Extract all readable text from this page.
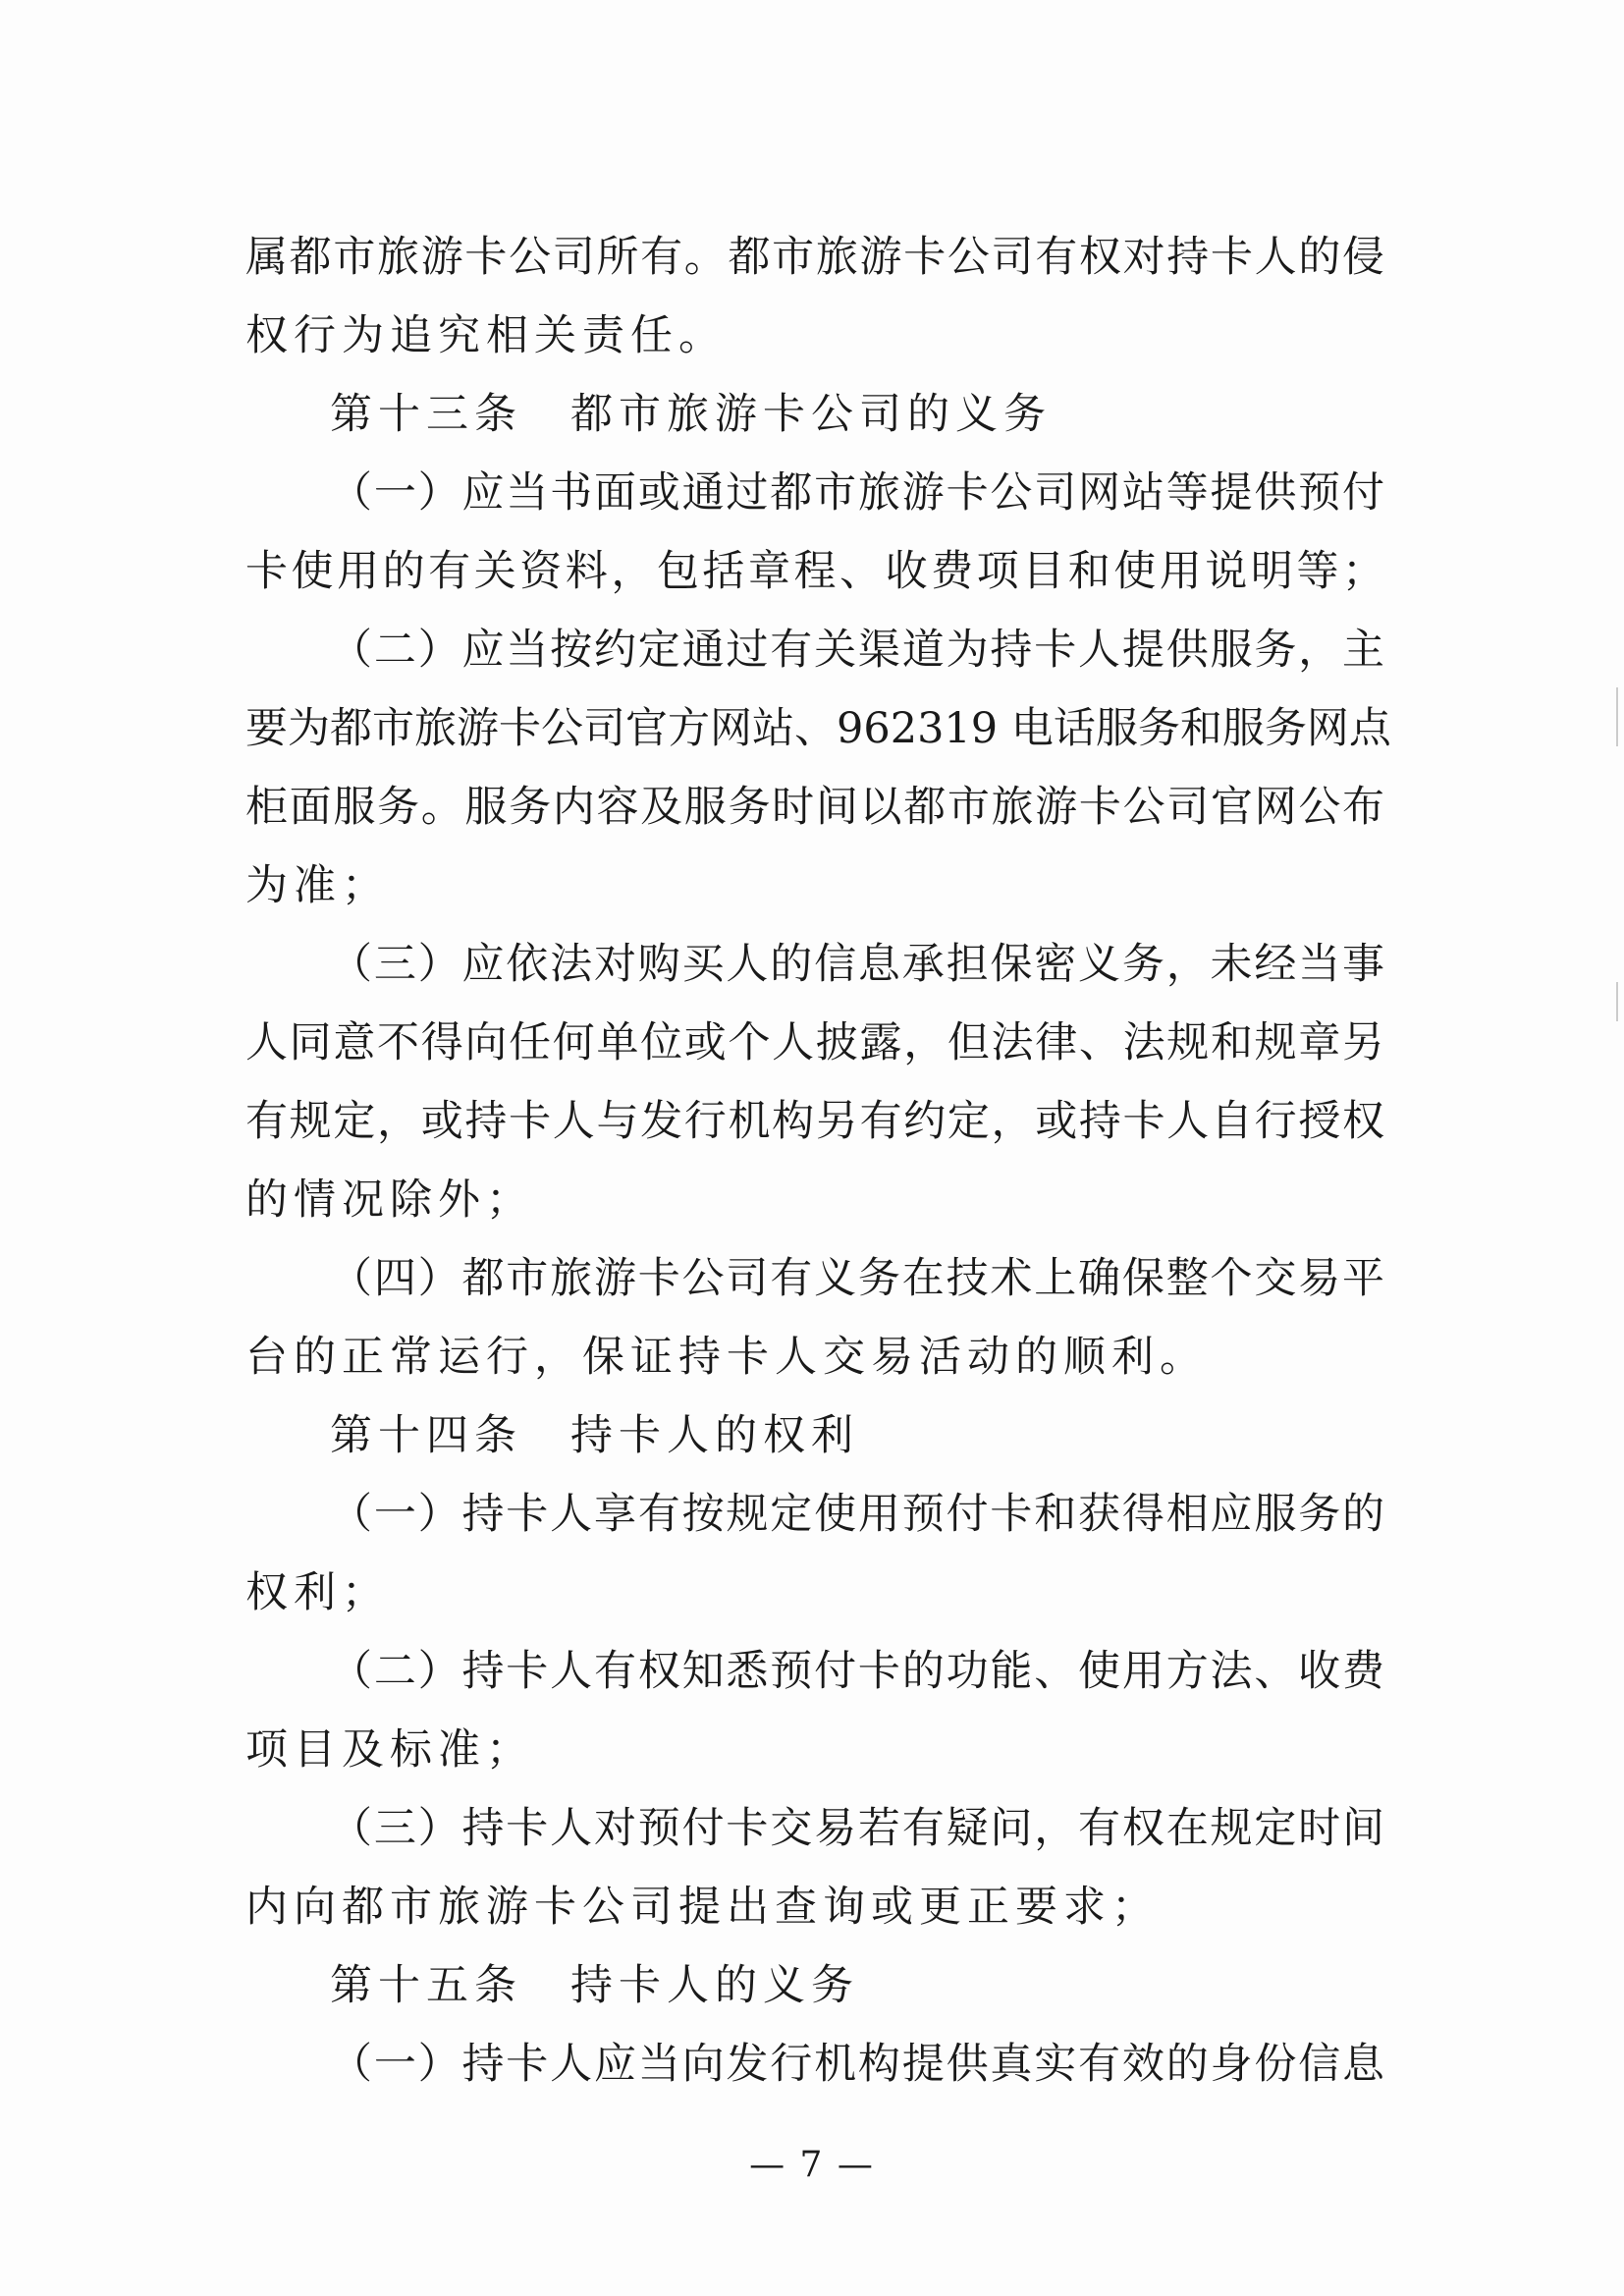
属都市旅游卡公司所有。都市旅游卡公司有权对持卡人的侵
权行为追究相关责任。
第十三条　都市旅游卡公司的义务
（一）应当书面或通过都市旅游卡公司网站等提供预付
卡使用的有关资料，包括章程、收费项目和使用说明等；
（二）应当按约定通过有关渠道为持卡人提供服务，主
要为都市旅游卡公司官方网站、962319 电话服务和服务网点
柜面服务。服务内容及服务时间以都市旅游卡公司官网公布
为准；
（三）应依法对购买人的信息承担保密义务，未经当事
人同意不得向任何单位或个人披露，但法律、法规和规章另
有规定，或持卡人与发行机构另有约定，或持卡人自行授权
的情况除外；
（四）都市旅游卡公司有义务在技术上确保整个交易平
台的正常运行，保证持卡人交易活动的顺利。
第十四条　持卡人的权利
（一）持卡人享有按规定使用预付卡和获得相应服务的
权利；
（二）持卡人有权知悉预付卡的功能、使用方法、收费
项目及标准；
（三）持卡人对预付卡交易若有疑问，有权在规定时间
内向都市旅游卡公司提出查询或更正要求；
第十五条　持卡人的义务
（一）持卡人应当向发行机构提供真实有效的身份信息
— 7 —
